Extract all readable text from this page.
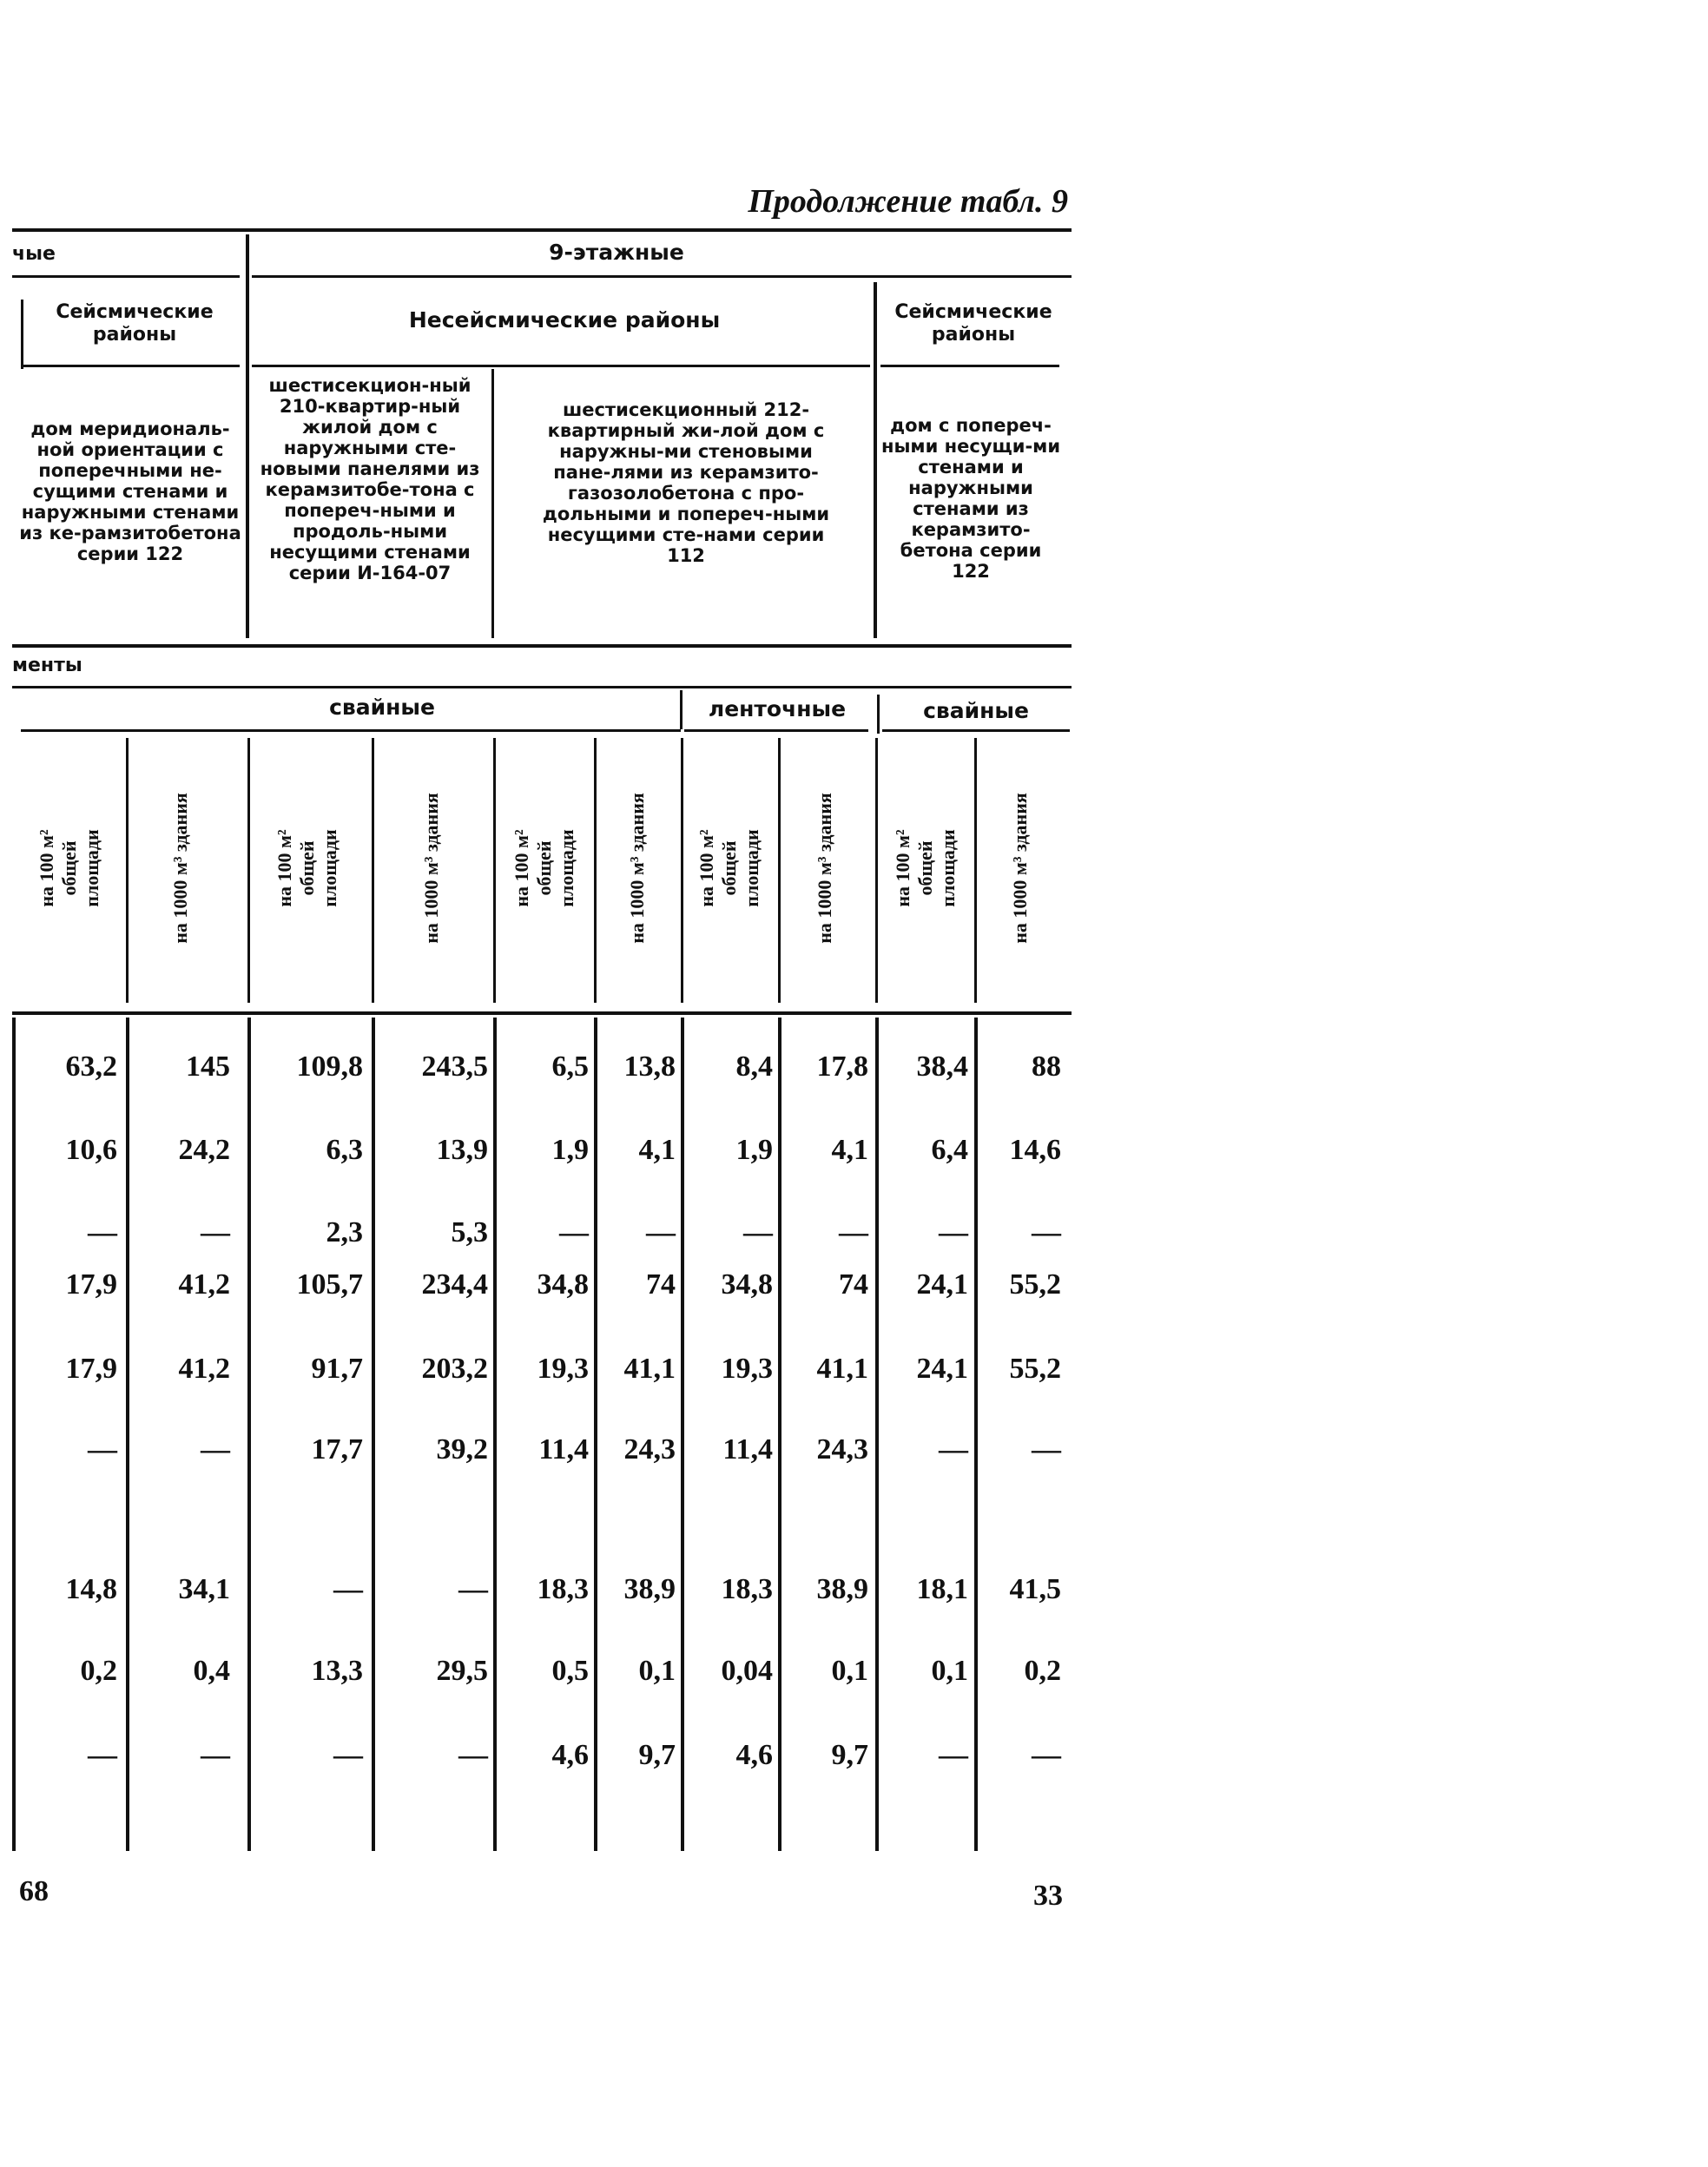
Продолжение табл. 9
чые	9-этажные
Сейсмические районы
Несейсмические районы	Сейсмические районы
дом меридиональ-ной ориентации с поперечными не-сущими стенами и наружными стенами из ке-рамзитобетона серии 122
шестисекцион-ный 210-квартир-ный жилой дом с наружными сте-новыми панелями из керамзитобе-тона с попереч-ными и продоль-ными несущими стенами серии И-164-07
шестисекционный 212-квартирный жи-лой дом с наружны-ми стеновыми пане-лями из керамзито-газозолобетона с про-дольными и попереч-ными несущими сте-нами серии 112
дом с попереч-ными несущи-ми стенами и наружными стенами из керамзито-бетона серии 122
менты
свайные	ленточные	свайные
на 100 м² общей площади	на 1000 м³ здания	на 100 м² общей площади	на 1000 м³ здания	на 100 м² общей площади	на 1000 м³ здания	на 100 м² общей площади	на 1000 м³ здания	на 100 м² общей площади	на 1000 м³ здания
63,2	145	109,8	243,5	6,5	13,8	8,4	17,8	38,4	88
10,6	24,2	6,3	13,9	1,9	4,1	1,9	4,1	6,4	14,6
—	—	2,3	5,3	—	—	—	—	—	—
17,9	41,2	105,7	234,4	34,8	74	34,8	74	24,1	55,2
17,9	41,2	91,7	203,2	19,3	41,1	19,3	41,1	24,1	55,2
—	—	17,7	39,2	11,4	24,3	11,4	24,3	—	—
14,8	34,1	—	—	18,3	38,9	18,3	38,9	18,1	41,5
0,2	0,4	13,3	29,5	0,5	0,1	0,04	0,1	0,1	0,2
—	—	—	—	4,6	9,7	4,6	9,7	—	—
68	33
